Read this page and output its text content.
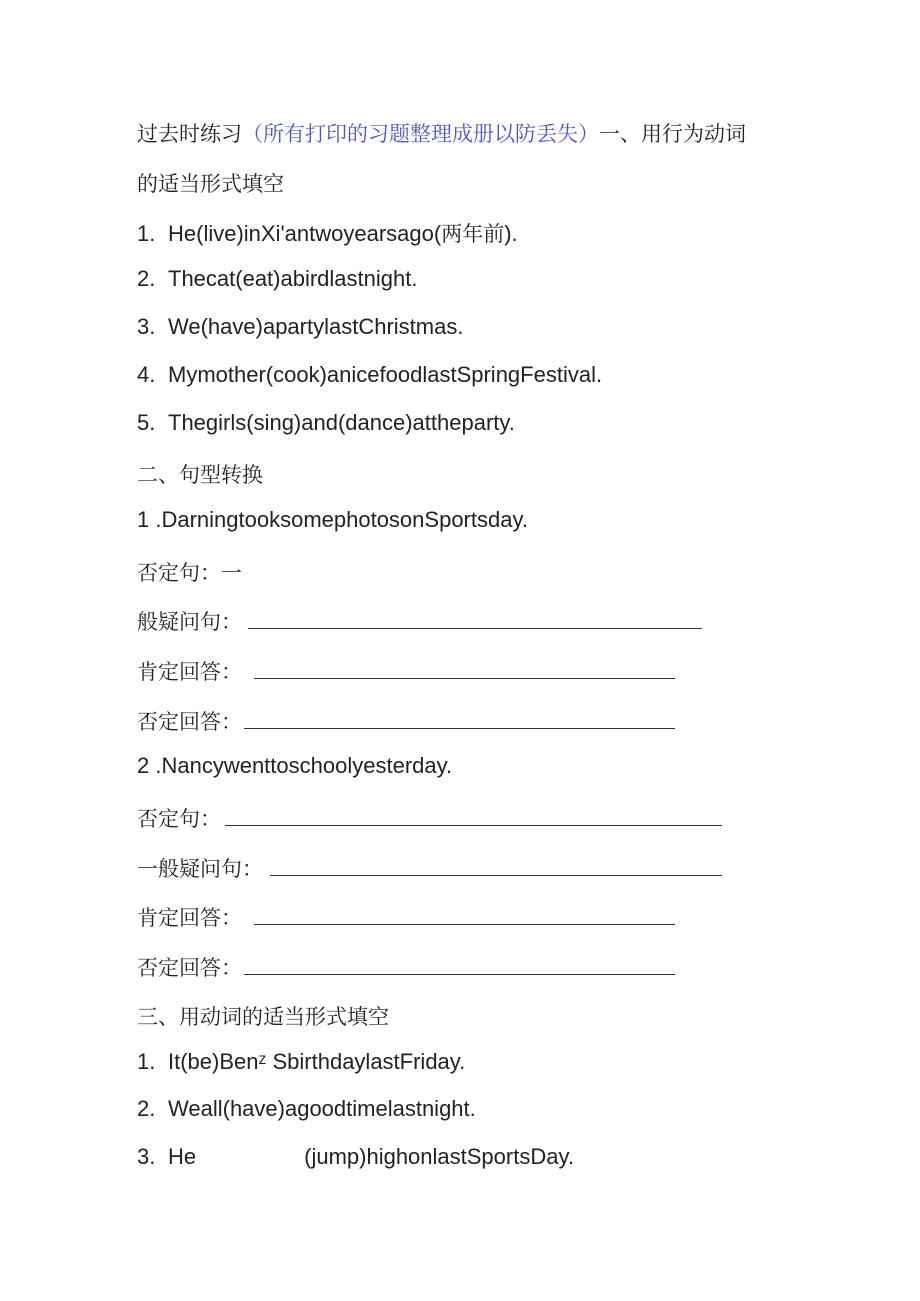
过去时练习（所有打印的习题整理成册以防丢失）一、用行为动词
的适当形式填空
1. He(live)inXi'antwoyearsago(两年前).
2. Thecat(eat)abirdlastnight.
3. We(have)apartylastChristmas.
4. Mymother(cook)anicefoodlastSpringFestival.
5. Thegirls(sing)and(dance)attheparty.
二、句型转换
1 .DarningtooksomephotosonSportsday.
否定句：一
般疑问句：
肯定回答：
否定回答：
2 .Nancywenttoschoolyesterday.
否定句：
一般疑问句：
肯定回答：
否定回答：
三、用动词的适当形式填空
1. It(be)Benᶻ SbirthdaylastFriday.
2. Weall(have)agoodtimelastnight.
3. He	(jump)highonlastSportsDay.
